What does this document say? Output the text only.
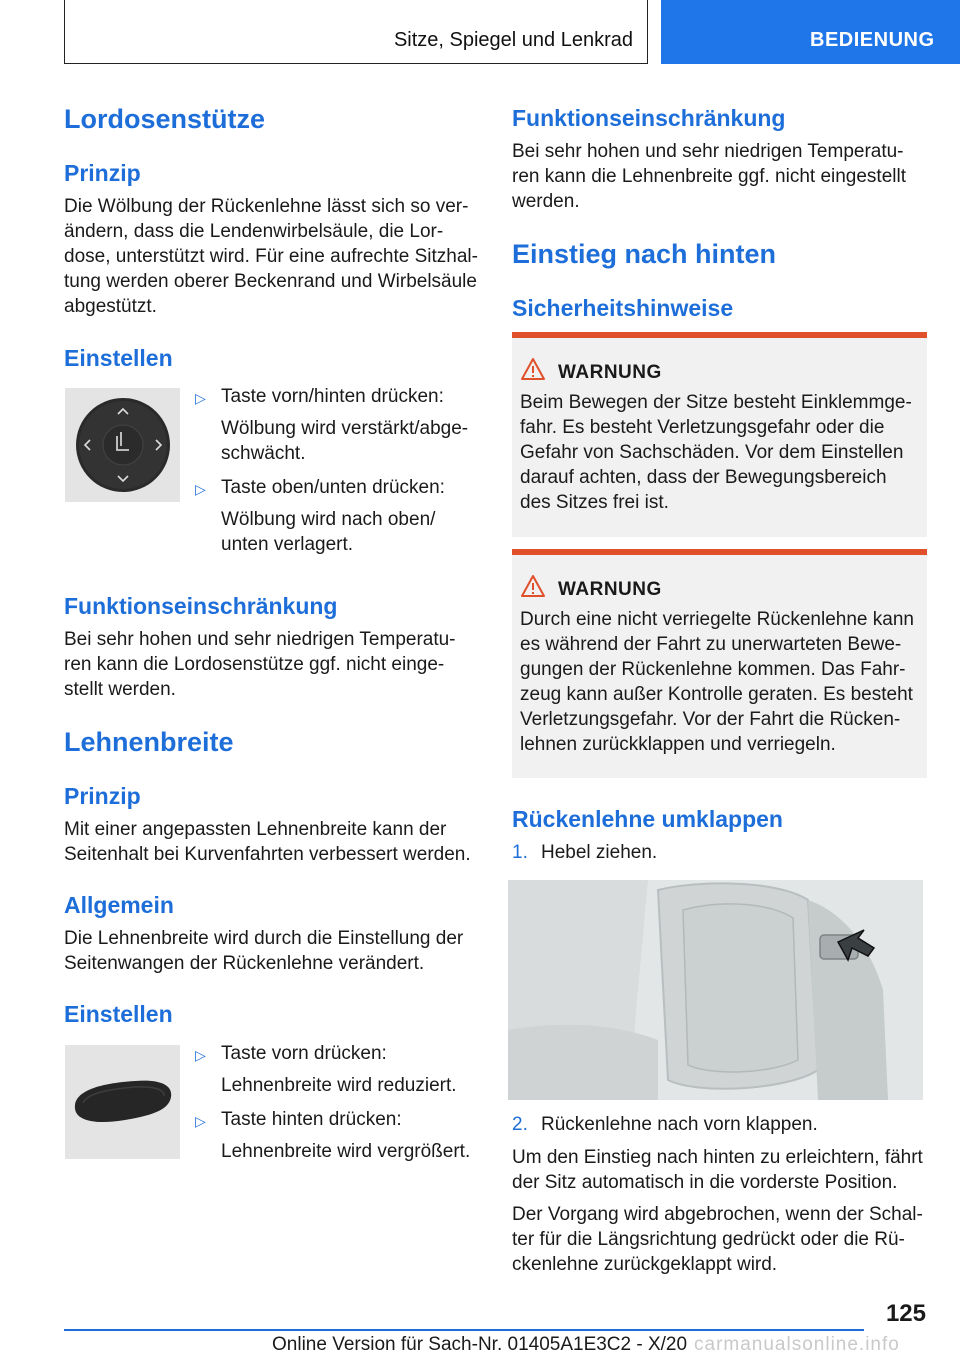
Sitze, Spiegel und Lenkrad	BEDIENUNG
Lordosenstütze
Prinzip
Die Wölbung der Rückenlehne lässt sich so ver-
ändern, dass die Lendenwirbelsäule, die Lor-
dose, unterstützt wird. Für eine aufrechte Sitzhal-
tung werden oberer Beckenrand und Wirbelsäule
abgestützt.
Einstellen
▷ Taste vorn/hinten drücken:
Wölbung wird verstärkt/abge-
schwächt.
▷ Taste oben/unten drücken:
Wölbung wird nach oben/
unten verlagert.
Funktionseinschränkung
Bei sehr hohen und sehr niedrigen Temperatu-
ren kann die Lordosenstütze ggf. nicht einge-
stellt werden.
Lehnenbreite
Prinzip
Mit einer angepassten Lehnenbreite kann der
Seitenhalt bei Kurvenfahrten verbessert werden.
Allgemein
Die Lehnenbreite wird durch die Einstellung der
Seitenwangen der Rückenlehne verändert.
Einstellen
▷ Taste vorn drücken:
Lehnenbreite wird reduziert.
▷ Taste hinten drücken:
Lehnenbreite wird vergrößert.
Funktionseinschränkung
Bei sehr hohen und sehr niedrigen Temperatu-
ren kann die Lehnenbreite ggf. nicht eingestellt
werden.
Einstieg nach hinten
Sicherheitshinweise
WARNUNG
Beim Bewegen der Sitze besteht Einklemmge-
fahr. Es besteht Verletzungsgefahr oder die
Gefahr von Sachschäden. Vor dem Einstellen
darauf achten, dass der Bewegungsbereich
des Sitzes frei ist.
WARNUNG
Durch eine nicht verriegelte Rückenlehne kann
es während der Fahrt zu unerwarteten Bewe-
gungen der Rückenlehne kommen. Das Fahr-
zeug kann außer Kontrolle geraten. Es besteht
Verletzungsgefahr. Vor der Fahrt die Rücken-
lehnen zurückklappen und verriegeln.
Rückenlehne umklappen
1. Hebel ziehen.
2. Rückenlehne nach vorn klappen.
Um den Einstieg nach hinten zu erleichtern, fährt
der Sitz automatisch in die vorderste Position.
Der Vorgang wird abgebrochen, wenn der Schal-
ter für die Längsrichtung gedrückt oder die Rü-
ckenlehne zurückgeklappt wird.
125
Online Version für Sach-Nr. 01405A1E3C2 - X/20 carmanualsonline.info
